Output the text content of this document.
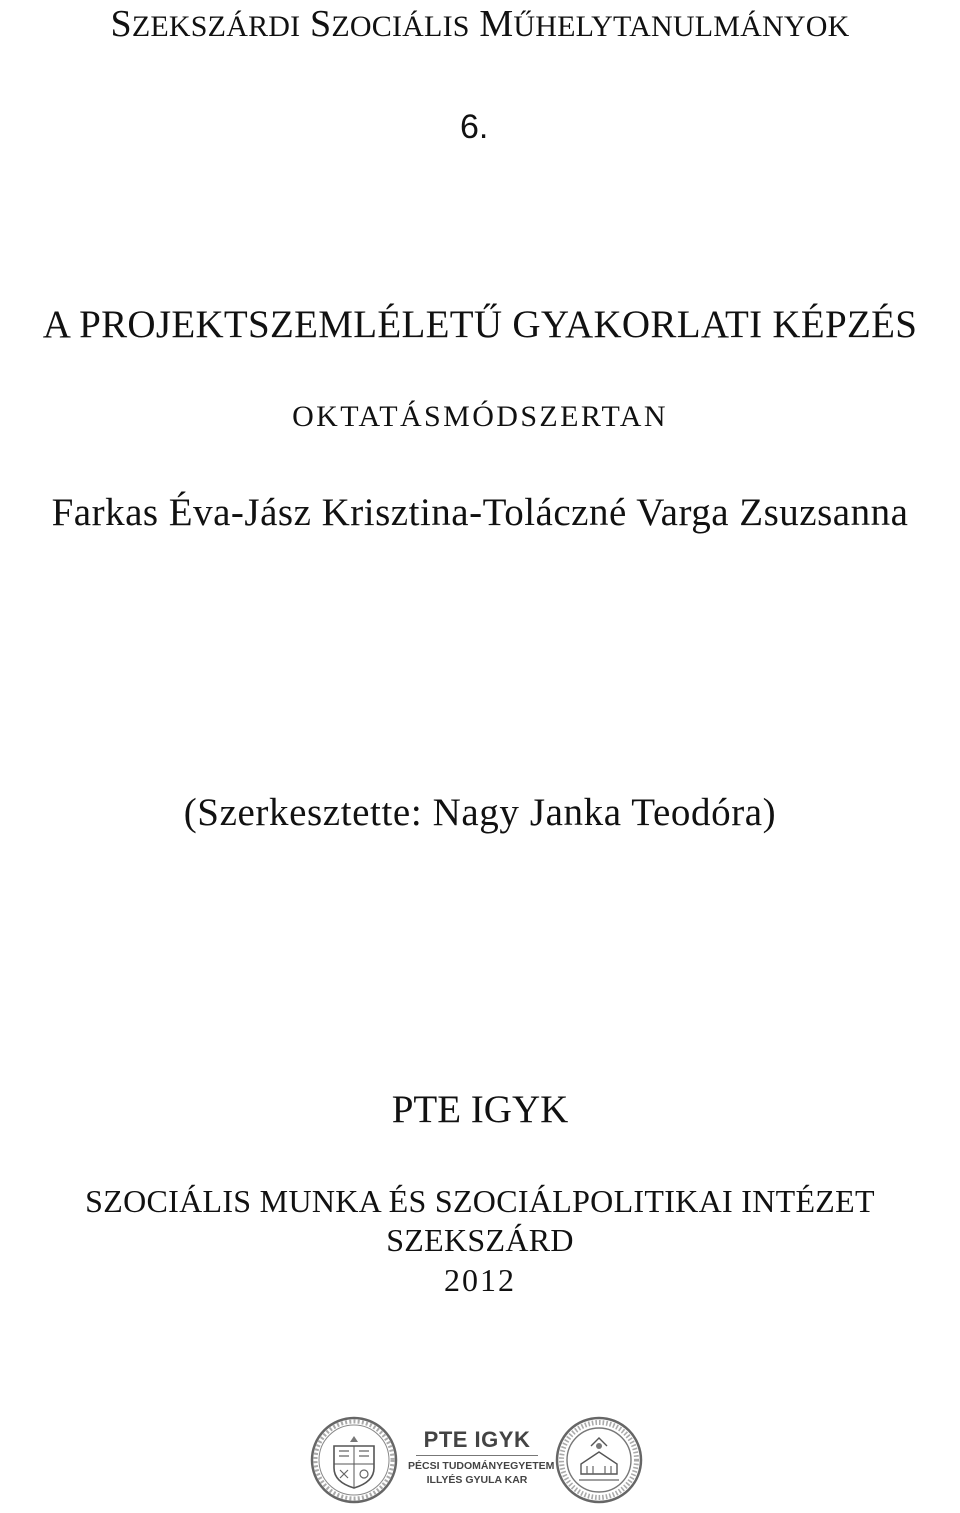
SZEKSZÁRDI SZOCIÁLIS MŰHELYTANULMÁNYOK
6.
A PROJEKTSZEMLÉLETŰ GYAKORLATI KÉPZÉS
OKTATÁSMÓDSZERTAN
Farkas Éva-Jász Krisztina-Toláczné Varga Zsuzsanna
(Szerkesztette: Nagy Janka Teodóra)
PTE IGYK
SZOCIÁLIS MUNKA ÉS SZOCIÁLPOLITIKAI INTÉZET
SZEKSZÁRD
2012
PTE IGYK
PÉCSI TUDOMÁNYEGYETEM
ILLYÉS GYULA KAR
